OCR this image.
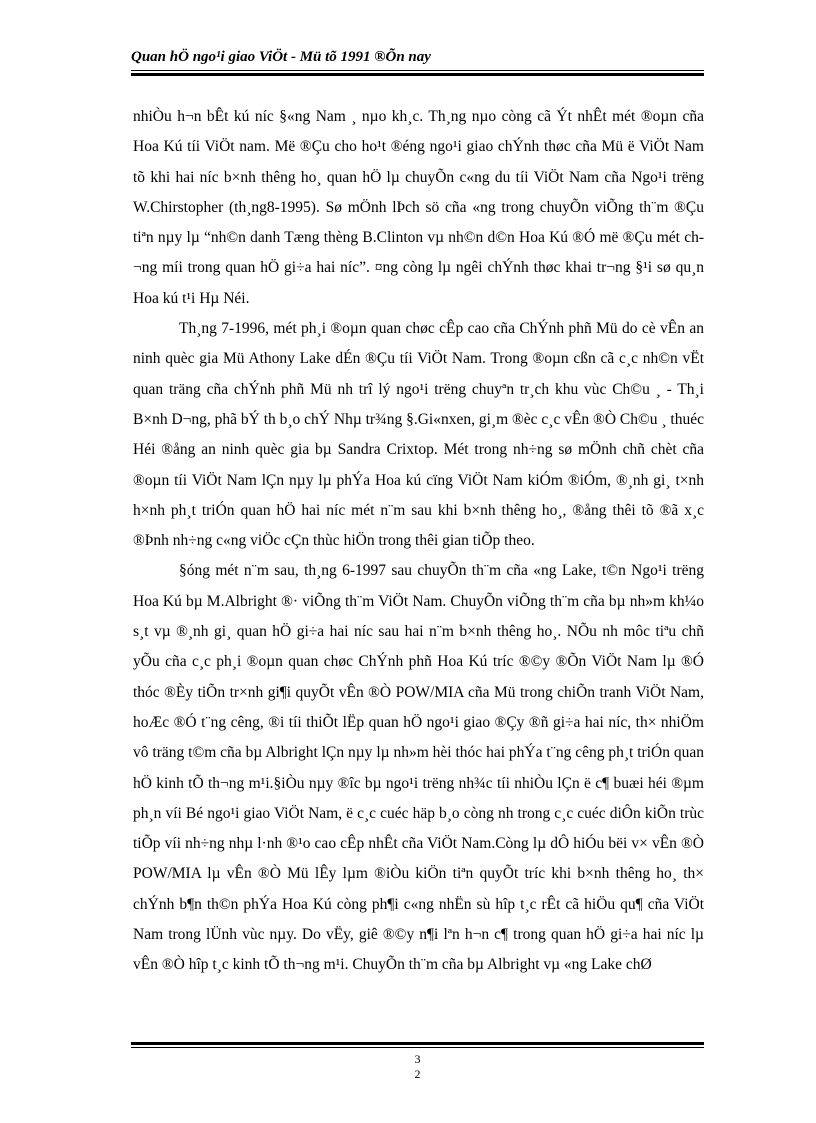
Quan hÖ ngo¹i giao ViÖt - Mü tõ 1991 ®Õn nay

nhiÒu h¬n bÊt kú níc §«ng Nam ¸ nµo kh¸c. Th¸ng nµo còng cã Ýt nhÊt mét ®oµn cña Hoa Kú tíi ViÖt nam. Më ®Çu cho ho¹t ®éng ngo¹i giao chÝnh thøc cña Mü ë ViÖt Nam tõ khi hai níc b×nh thêng ho¸ quan hÖ lµ chuyÕn c«ng du tíi ViÖt Nam cña Ngo¹i trëng W.Chirstopher (th¸ng8-1995). Sø mÖnh lÞch sö cña «ng trong chuyÕn viÕng th¨m ®Çu tiªn nµy lµ “nh©n danh Tæng thèng B.Clinton vµ nh©n d©n Hoa Kú ®Ó më ®Çu mét ch¬ng míi trong quan hÖ gi÷a hai níc”. ¤ng còng lµ ngêi chÝnh thøc khai tr¬ng §¹i sø qu¸n Hoa kú t¹i Hµ Néi.

Th¸ng 7-1996, mét ph¸i ®oµn quan chøc cÊp cao cña ChÝnh phñ Mü do cè vÊn an ninh quèc gia Mü Athony Lake dÉn ®Çu tíi ViÖt Nam. Trong ®oµn cßn cã c¸c nh©n vËt quan träng cña chÝnh phñ Mü nh trî lý ngo¹i trëng chuyªn tr¸ch khu vùc Ch©u ¸ - Th¸i B×nh D¬ng, phã bÝ th b¸o chÝ Nhµ tr¾ng §.Gi«nxen, gi¸m ®èc c¸c vÊn ®Ò Ch©u ¸ thuéc Héi ®ång an ninh quèc gia bµ Sandra Crixtop. Mét trong nh÷ng sø mÖnh chñ chèt cña ®oµn tíi ViÖt Nam lÇn nµy lµ phÝa Hoa kú cïng ViÖt Nam kiÓm ®iÓm, ®¸nh gi¸ t×nh h×nh ph¸t triÓn quan hÖ hai níc mét n¨m sau khi b×nh thêng ho¸, ®ång thêi tõ ®ã x¸c ®Þnh nh÷ng c«ng viÖc cÇn thùc hiÖn trong thêi gian tiÕp theo.

§óng mét n¨m sau, th¸ng 6-1997 sau chuyÕn th¨m cña «ng Lake, t©n Ngo¹i trëng Hoa Kú bµ M.Albright ®· viÕng th¨m ViÖt Nam. ChuyÕn viÕng th¨m cña bµ nh»m kh¼o s¸t vµ ®¸nh gi¸ quan hÖ gi÷a hai níc sau hai n¨m b×nh thêng ho¸. NÕu nh môc tiªu chñ yÕu cña c¸c ph¸i ®oµn quan chøc ChÝnh phñ Hoa Kú tríc ®©y ®Õn ViÖt Nam lµ ®Ó thóc ®Èy tiÕn tr×nh gi¶i quyÕt vÊn ®Ò POW/MIA cña Mü trong chiÕn tranh ViÖt Nam, hoÆc ®Ó t¨ng cêng, ®i tíi thiÕt lËp quan hÖ ngo¹i giao ®Çy ®ñ gi÷a hai níc, th× nhiÖm vô träng t©m cña bµ Albright lÇn nµy lµ nh»m hèi thóc hai phÝa t¨ng cêng ph¸t triÓn quan hÖ kinh tÕ th¬ng m¹i.§iÒu nµy ®îc bµ ngo¹i trëng nh¾c tíi nhiÒu lÇn ë c¶ buæi héi ®µm ph¸n víi Bé ngo¹i giao ViÖt Nam, ë c¸c cuéc häp b¸o còng nh trong c¸c cuéc diÔn kiÕn trùc tiÕp víi nh÷ng nhµ l·nh ®¹o cao cÊp nhÊt cña ViÖt Nam.Còng lµ dÔ hiÓu bëi v× vÊn ®Ò POW/MIA lµ vÊn ®Ò Mü lÊy lµm ®iÒu kiÖn tiªn quyÕt tríc khi b×nh thêng ho¸ th× chÝnh b¶n th©n phÝa Hoa Kú còng ph¶i c«ng nhËn sù hîp t¸c rÊt cã hiÖu qu¶ cña ViÖt Nam trong lÜnh vùc nµy. Do vËy, giê ®©y n¶i lªn h¬n c¶ trong quan hÖ gi÷a hai níc lµ vÊn ®Ò hîp t¸c kinh tÕ th¬ng m¹i. ChuyÕn th¨m cña bµ Albright vµ «ng Lake chØ

3
2
